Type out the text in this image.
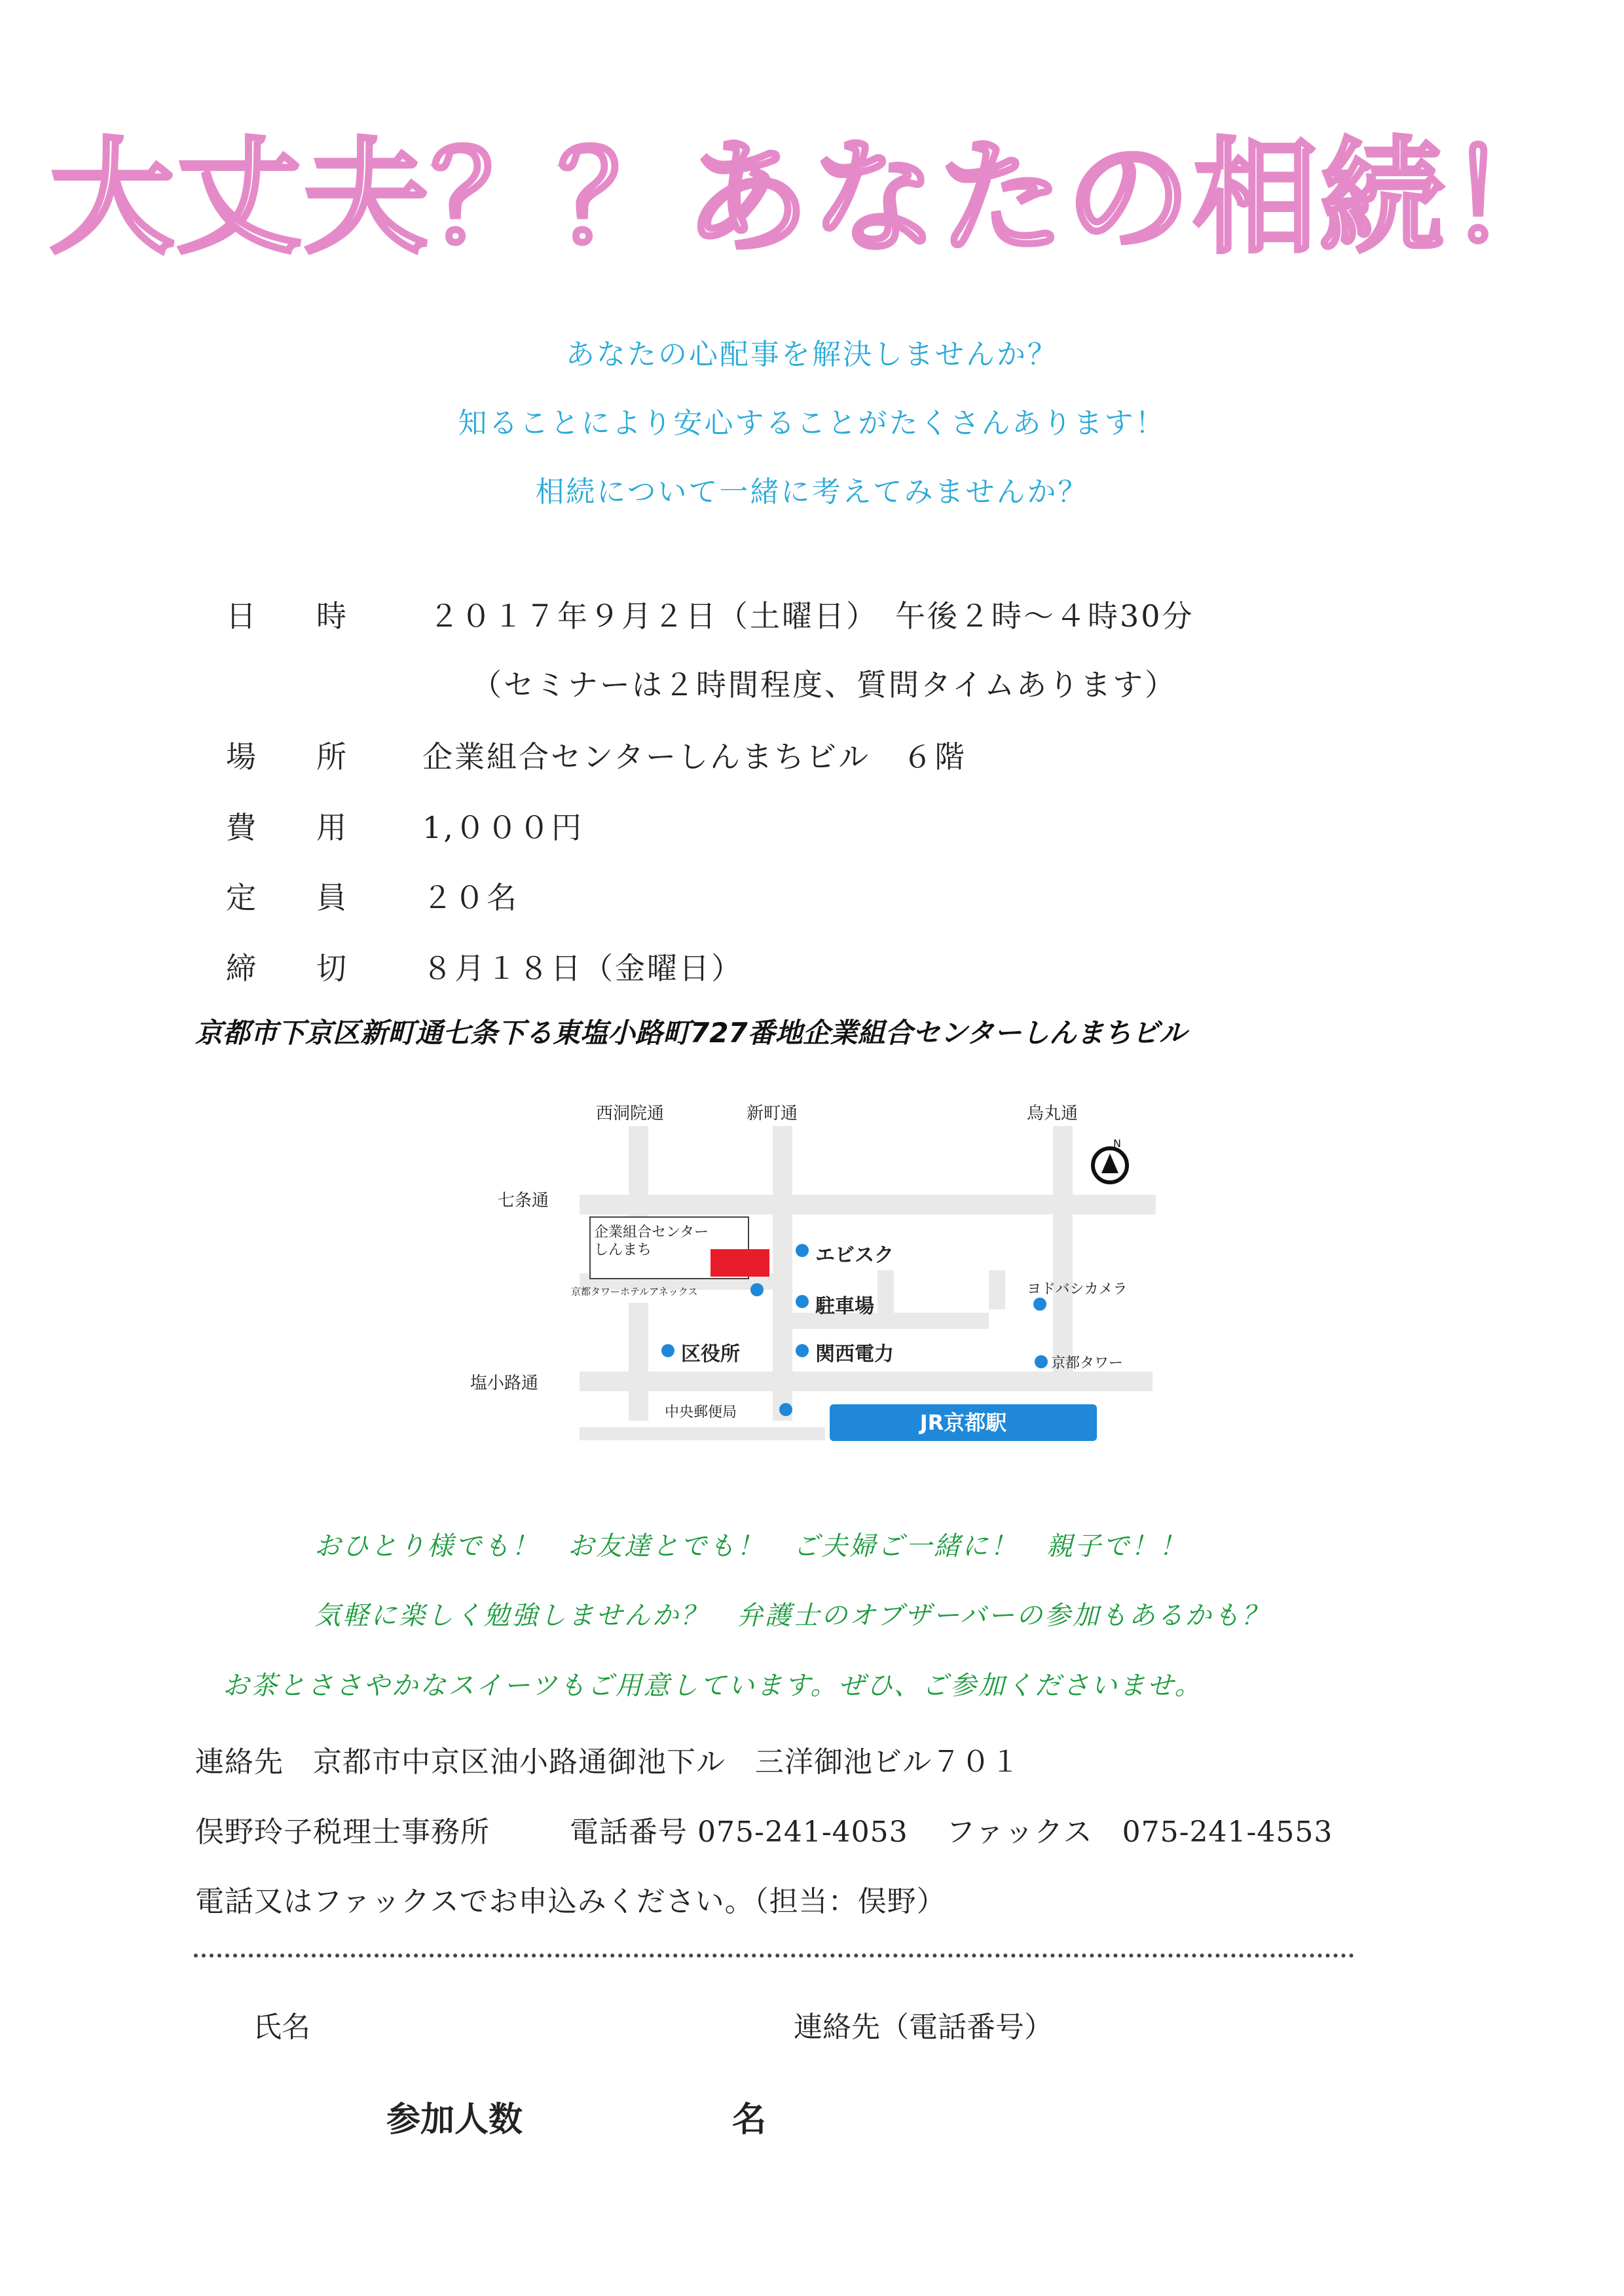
大丈夫？？あなたの相続！
あなたの心配事を解決しませんか？
知ることにより安心することがたくさんあります！
相続について一緒に考えてみませんか？
日　　時	２０１７年９月２日（土曜日）　午後２時～４時30分
（セミナーは２時間程度、質問タイムあります）
場　　所	企業組合センターしんまちビル　６階
費　　用	1,０００円
定　　員	２０名
締　　切	８月１８日（金曜日）
京都市下京区新町通七条下る東塩小路町727番地企業組合センターしんまちビル
西洞院通	新町通	烏丸通
七条通
塩小路通
企業組合センター
しんまち
京都タワーホテルアネックス
エビスク
駐車場
ヨドバシカメラ
区役所	関西電力	京都タワー
中央郵便局	JR京都駅
N
おひとり様でも！　お友達とでも！　ご夫婦ご一緒に！　親子で！！
気軽に楽しく勉強しませんか？　弁護士のオブザーバーの参加もあるかも？
お茶とささやかなスイーツもご用意しています。ぜひ、ご参加くださいませ。
連絡先　京都市中京区油小路通御池下ル　三洋御池ビル７０１
俣野玲子税理士事務所	電話番号 075-241-4053 ファックス　075-241-4553
電話又はファックスでお申込みください。（担当：俣野）
氏名	連絡先（電話番号）
参加人数	名
